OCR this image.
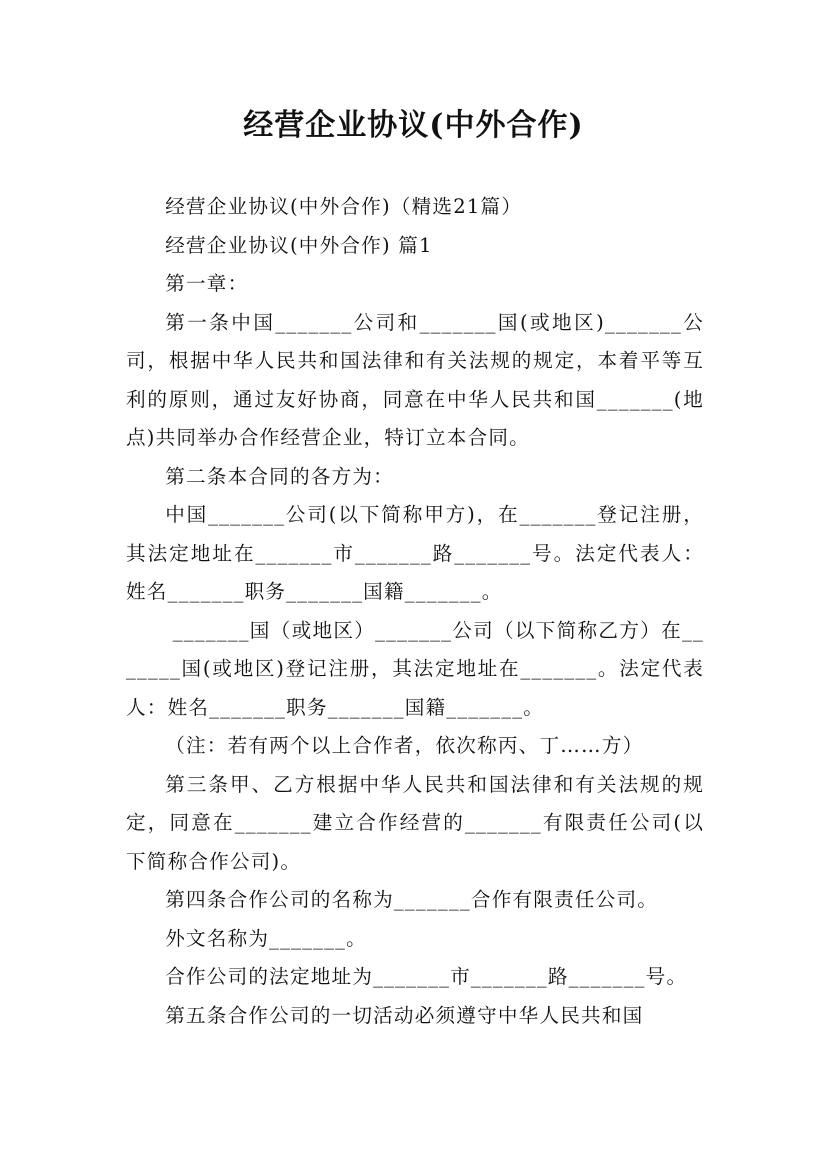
经营企业协议(中外合作)

经营企业协议(中外合作)（精选21篇）

经营企业协议(中外合作) 篇1

第一章：

第一条中国_______公司和_______国(或地区)_______公司，根据中华人民共和国法律和有关法规的规定，本着平等互利的原则，通过友好协商，同意在中华人民共和国_______(地点)共同举办合作经营企业，特订立本合同。

第二条本合同的各方为：

中国_______公司(以下简称甲方)，在_______登记注册，其法定地址在_______市_______路_______号。法定代表人：姓名_______职务_______国籍_______。

_______国（或地区）_______公司（以下简称乙方）在_______国(或地区)登记注册，其法定地址在_______。法定代表人：姓名_______职务_______国籍_______。

（注：若有两个以上合作者，依次称丙、丁……方）

第三条甲、乙方根据中华人民共和国法律和有关法规的规定，同意在_______建立合作经营的_______有限责任公司(以下简称合作公司)。

第四条合作公司的名称为_______合作有限责任公司。

外文名称为_______。

合作公司的法定地址为_______市_______路_______号。

第五条合作公司的一切活动必须遵守中华人民共和国
